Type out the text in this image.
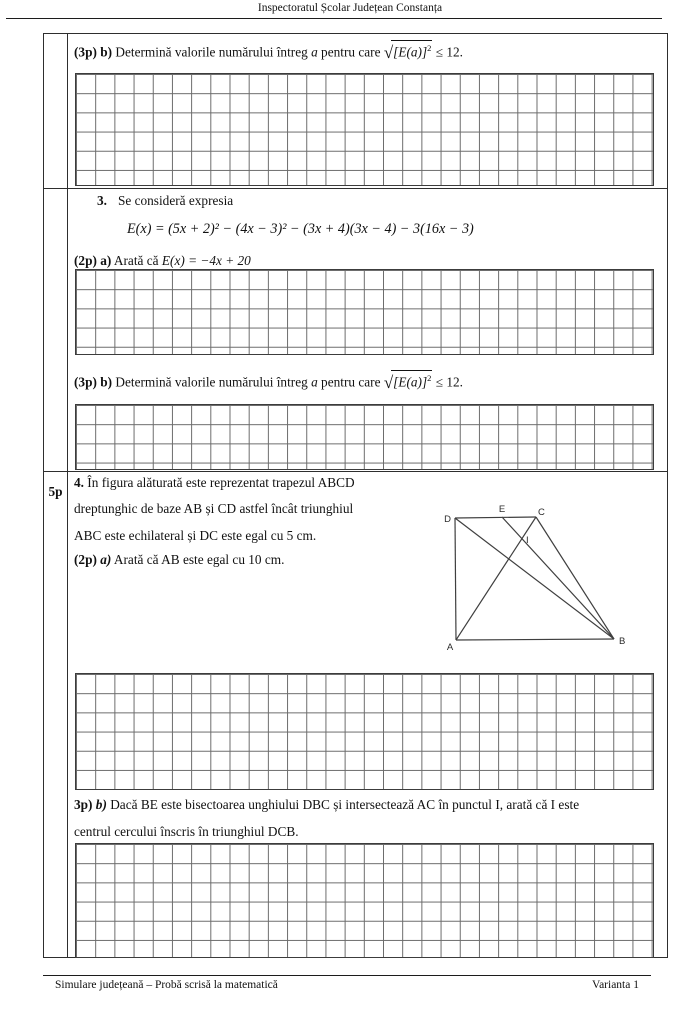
Inspectoratul Școlar Județean Constanța
(3p) b) Determină valorile numărului întreg a pentru care $√[E(a)]^2 \le 12$.
3. Se consideră expresia
E(x) = (5x + 2)² − (4x − 3)² − (3x + 4)(3x − 4) − 3(16x − 3)
(2p) a) Arată că E(x) = −4x + 20
(3p) b) Determină valorile numărului întreg a pentru care $√[E(a)]^2 \le 12$.
5p
4. În figura alăturată este reprezentat trapezul ABCD
dreptunghic de baze AB și CD astfel încât triunghiul
ABC este echilateral și DC este egal cu 5 cm.
(2p) a) Arată că AB este egal cu 10 cm.
D
E	C
I
A
B
3p) b) Dacă BE este bisectoarea unghiului DBC și intersectează AC în punctul I, arată că I este
centrul cercului înscris în triunghiul DCB.
Simulare județeană – Probă scrisă la matematică	Varianta 1
